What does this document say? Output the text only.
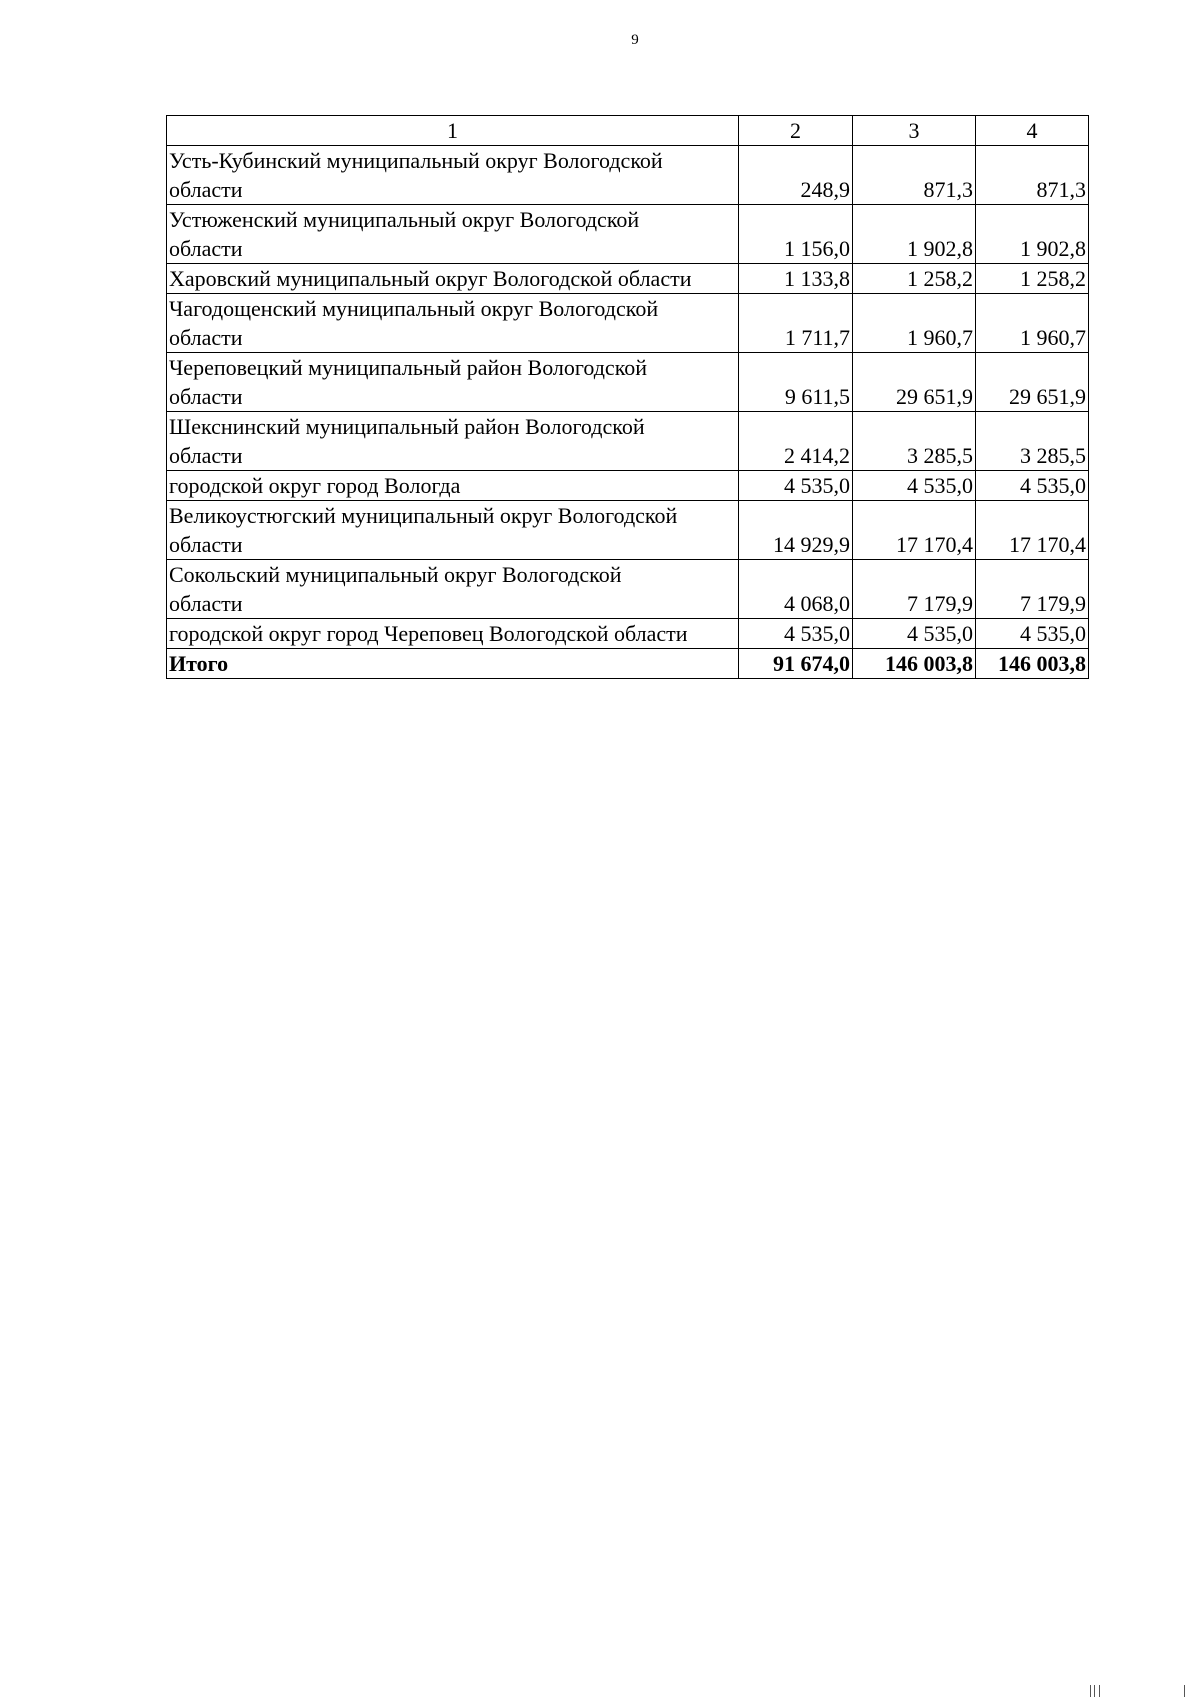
9
1	2	3	4
Усть-Кубинский муниципальный округ Вологодской
области	248,9	871,3	871,3
Устюженский муниципальный округ Вологодской
области	1 156,0	1 902,8	1 902,8
Харовский муниципальный округ Вологодской области	1 133,8	1 258,2	1 258,2
Чагодощенский муниципальный округ Вологодской
области	1 711,7	1 960,7	1 960,7
Череповецкий муниципальный район Вологодской
области	9 611,5	29 651,9	29 651,9
Шекснинский муниципальный район Вологодской
области	2 414,2	3 285,5	3 285,5
городской округ город Вологда	4 535,0	4 535,0	4 535,0
Великоустюгский муниципальный округ Вологодской
области	14 929,9	17 170,4	17 170,4
Сокольский муниципальный округ Вологодской
области	4 068,0	7 179,9	7 179,9
городской округ город Череповец Вологодской области	4 535,0	4 535,0	4 535,0
Итого	91 674,0	146 003,8	146 003,8
